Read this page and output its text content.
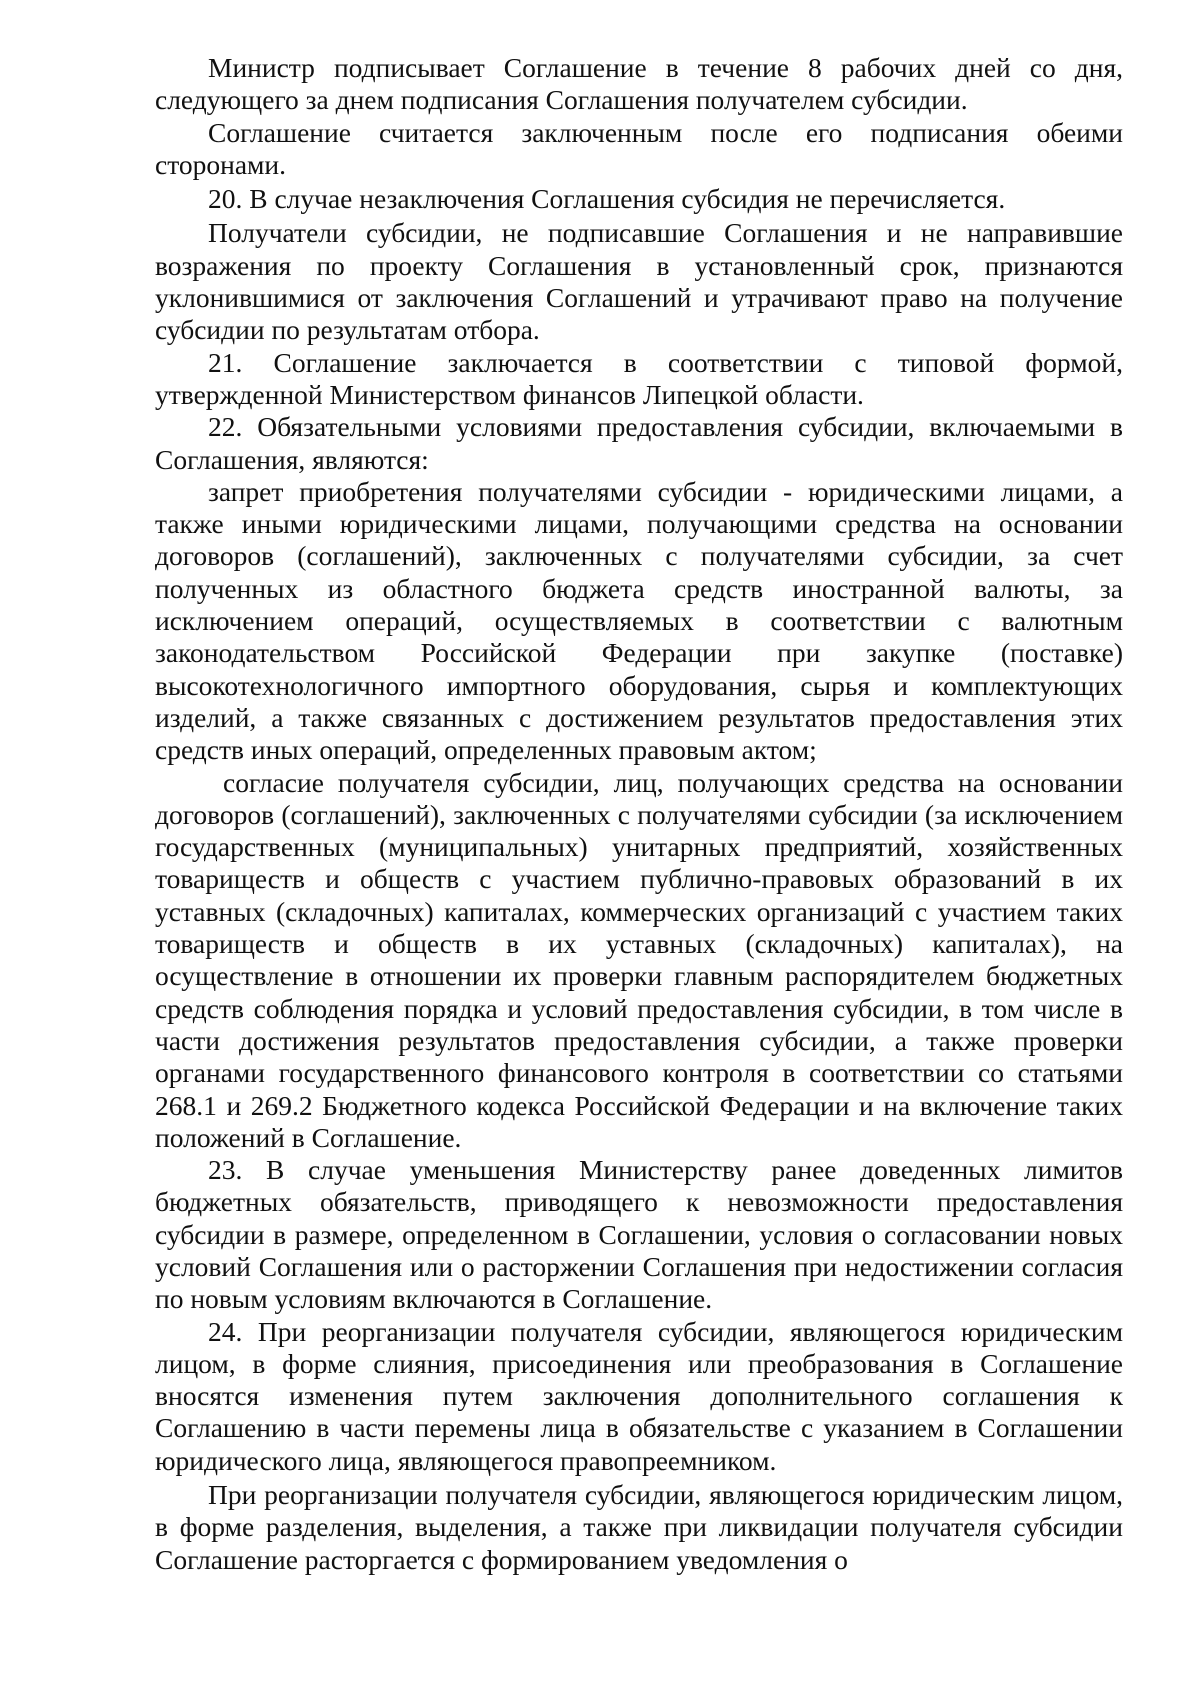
Министр подписывает Соглашение в течение 8 рабочих дней со дня, следующего за днем подписания Соглашения получателем субсидии.

Соглашение считается заключенным после его подписания обеими сторонами.

20. В случае незаключения Соглашения субсидия не перечисляется.

Получатели субсидии, не подписавшие Соглашения и не направившие возражения по проекту Соглашения в установленный срок, признаются уклонившимися от заключения Соглашений и утрачивают право на получение субсидии по результатам отбора.

21. Соглашение заключается в соответствии с типовой формой, утвержденной Министерством финансов Липецкой области.

22. Обязательными условиями предоставления субсидии, включаемыми в Соглашения, являются:

запрет приобретения получателями субсидии - юридическими лицами, а также иными юридическими лицами, получающими средства на основании договоров (соглашений), заключенных с получателями субсидии, за счет полученных из областного бюджета средств иностранной валюты, за исключением операций, осуществляемых в соответствии с валютным законодательством Российской Федерации при закупке (поставке) высокотехнологичного импортного оборудования, сырья и комплектующих изделий, а также связанных с достижением результатов предоставления этих средств иных операций, определенных правовым актом;

согласие получателя субсидии, лиц, получающих средства на основании договоров (соглашений), заключенных с получателями субсидии (за исключением государственных (муниципальных) унитарных предприятий, хозяйственных товариществ и обществ с участием публично-правовых образований в их уставных (складочных) капиталах, коммерческих организаций с участием таких товариществ и обществ в их уставных (складочных) капиталах), на осуществление в отношении их проверки главным распорядителем бюджетных средств соблюдения порядка и условий предоставления субсидии, в том числе в части достижения результатов предоставления субсидии, а также проверки органами государственного финансового контроля в соответствии со статьями 268.1 и 269.2 Бюджетного кодекса Российской Федерации и на включение таких положений в Соглашение.

23. В случае уменьшения Министерству ранее доведенных лимитов бюджетных обязательств, приводящего к невозможности предоставления субсидии в размере, определенном в Соглашении, условия о согласовании новых условий Соглашения или о расторжении Соглашения при недостижении согласия по новым условиям включаются в Соглашение.

24. При реорганизации получателя субсидии, являющегося юридическим лицом, в форме слияния, присоединения или преобразования в Соглашение вносятся изменения путем заключения дополнительного соглашения к Соглашению в части перемены лица в обязательстве с указанием в Соглашении юридического лица, являющегося правопреемником.

При реорганизации получателя субсидии, являющегося юридическим лицом, в форме разделения, выделения, а также при ликвидации получателя субсидии Соглашение расторгается с формированием уведомления о
